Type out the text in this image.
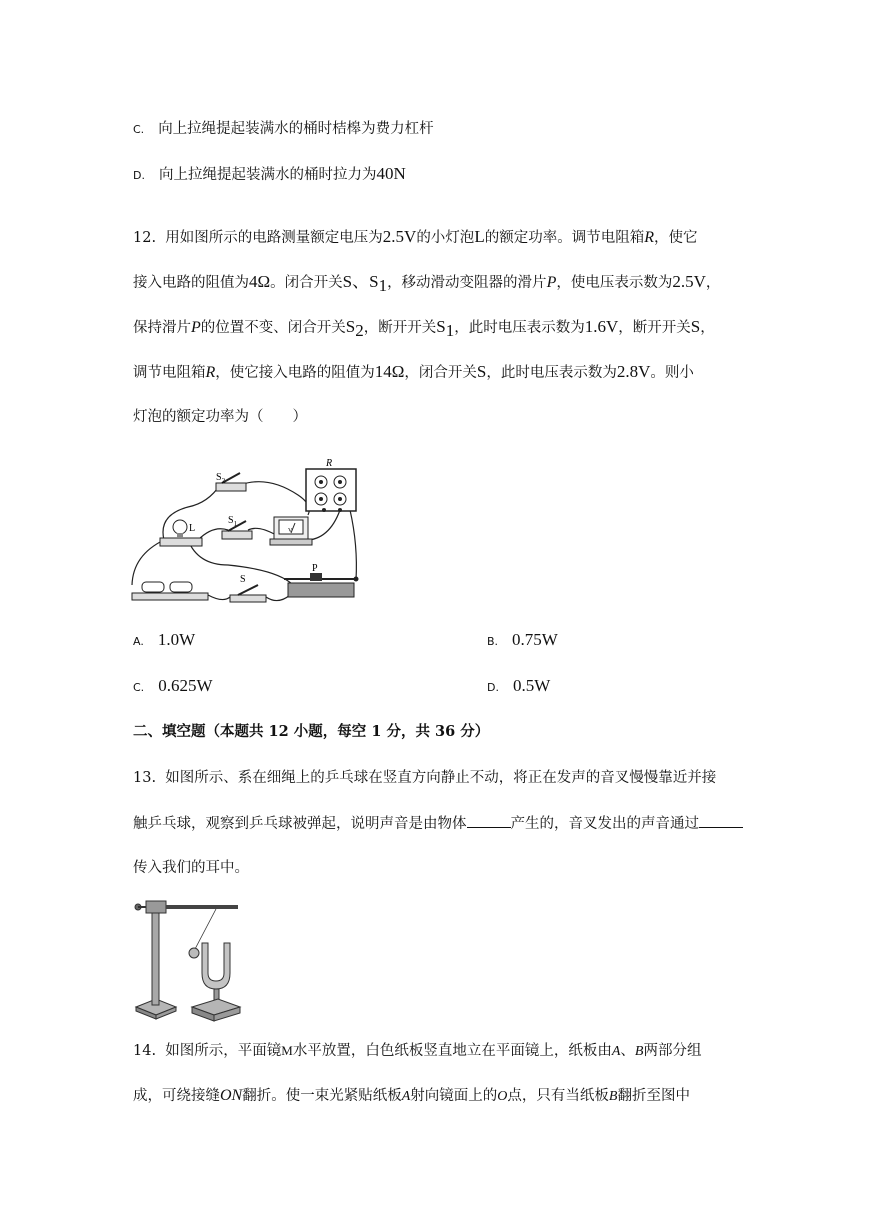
C. 向上拉绳提起装满水的桶时桔槔为费力杠杆
D. 向上拉绳提起装满水的桶时拉力为40N
12. 用如图所示的电路测量额定电压为2.5V的小灯泡L的额定功率。调节电阻箱R，使它
接入电路的阻值为4Ω。闭合开关S、$S_1$，移动滑动变阻器的滑片P，使电压表示数为2.5V，
保持滑片P的位置不变、闭合开关$S_2$，断开开关$S_1$，此时电压表示数为1.6V，断开开关S，
调节电阻箱R，使它接入电路的阻值为14Ω，闭合开关S，此时电压表示数为2.8V。则小
灯泡的额定功率为（　　）
$S_2$
R
L
$S_1$
V
S
P
A. 1.0W	B. 0.75W
C. 0.625W	D. 0.5W
二、填空题（本题共 12 小题，每空 1 分，共 36 分）
13. 如图所示、系在细绳上的乒乓球在竖直方向静止不动，将正在发声的音叉慢慢靠近并接
触乒乓球，观察到乒乓球被弹起，说明声音是由物体	产生的，音叉发出的声音通过
传入我们的耳中。
14. 如图所示，平面镜M水平放置，白色纸板竖直地立在平面镜上，纸板由A、B两部分组
成，可绕接缝ON翻折。使一束光紧贴纸板A射向镜面上的O点，只有当纸板B翻折至图中
